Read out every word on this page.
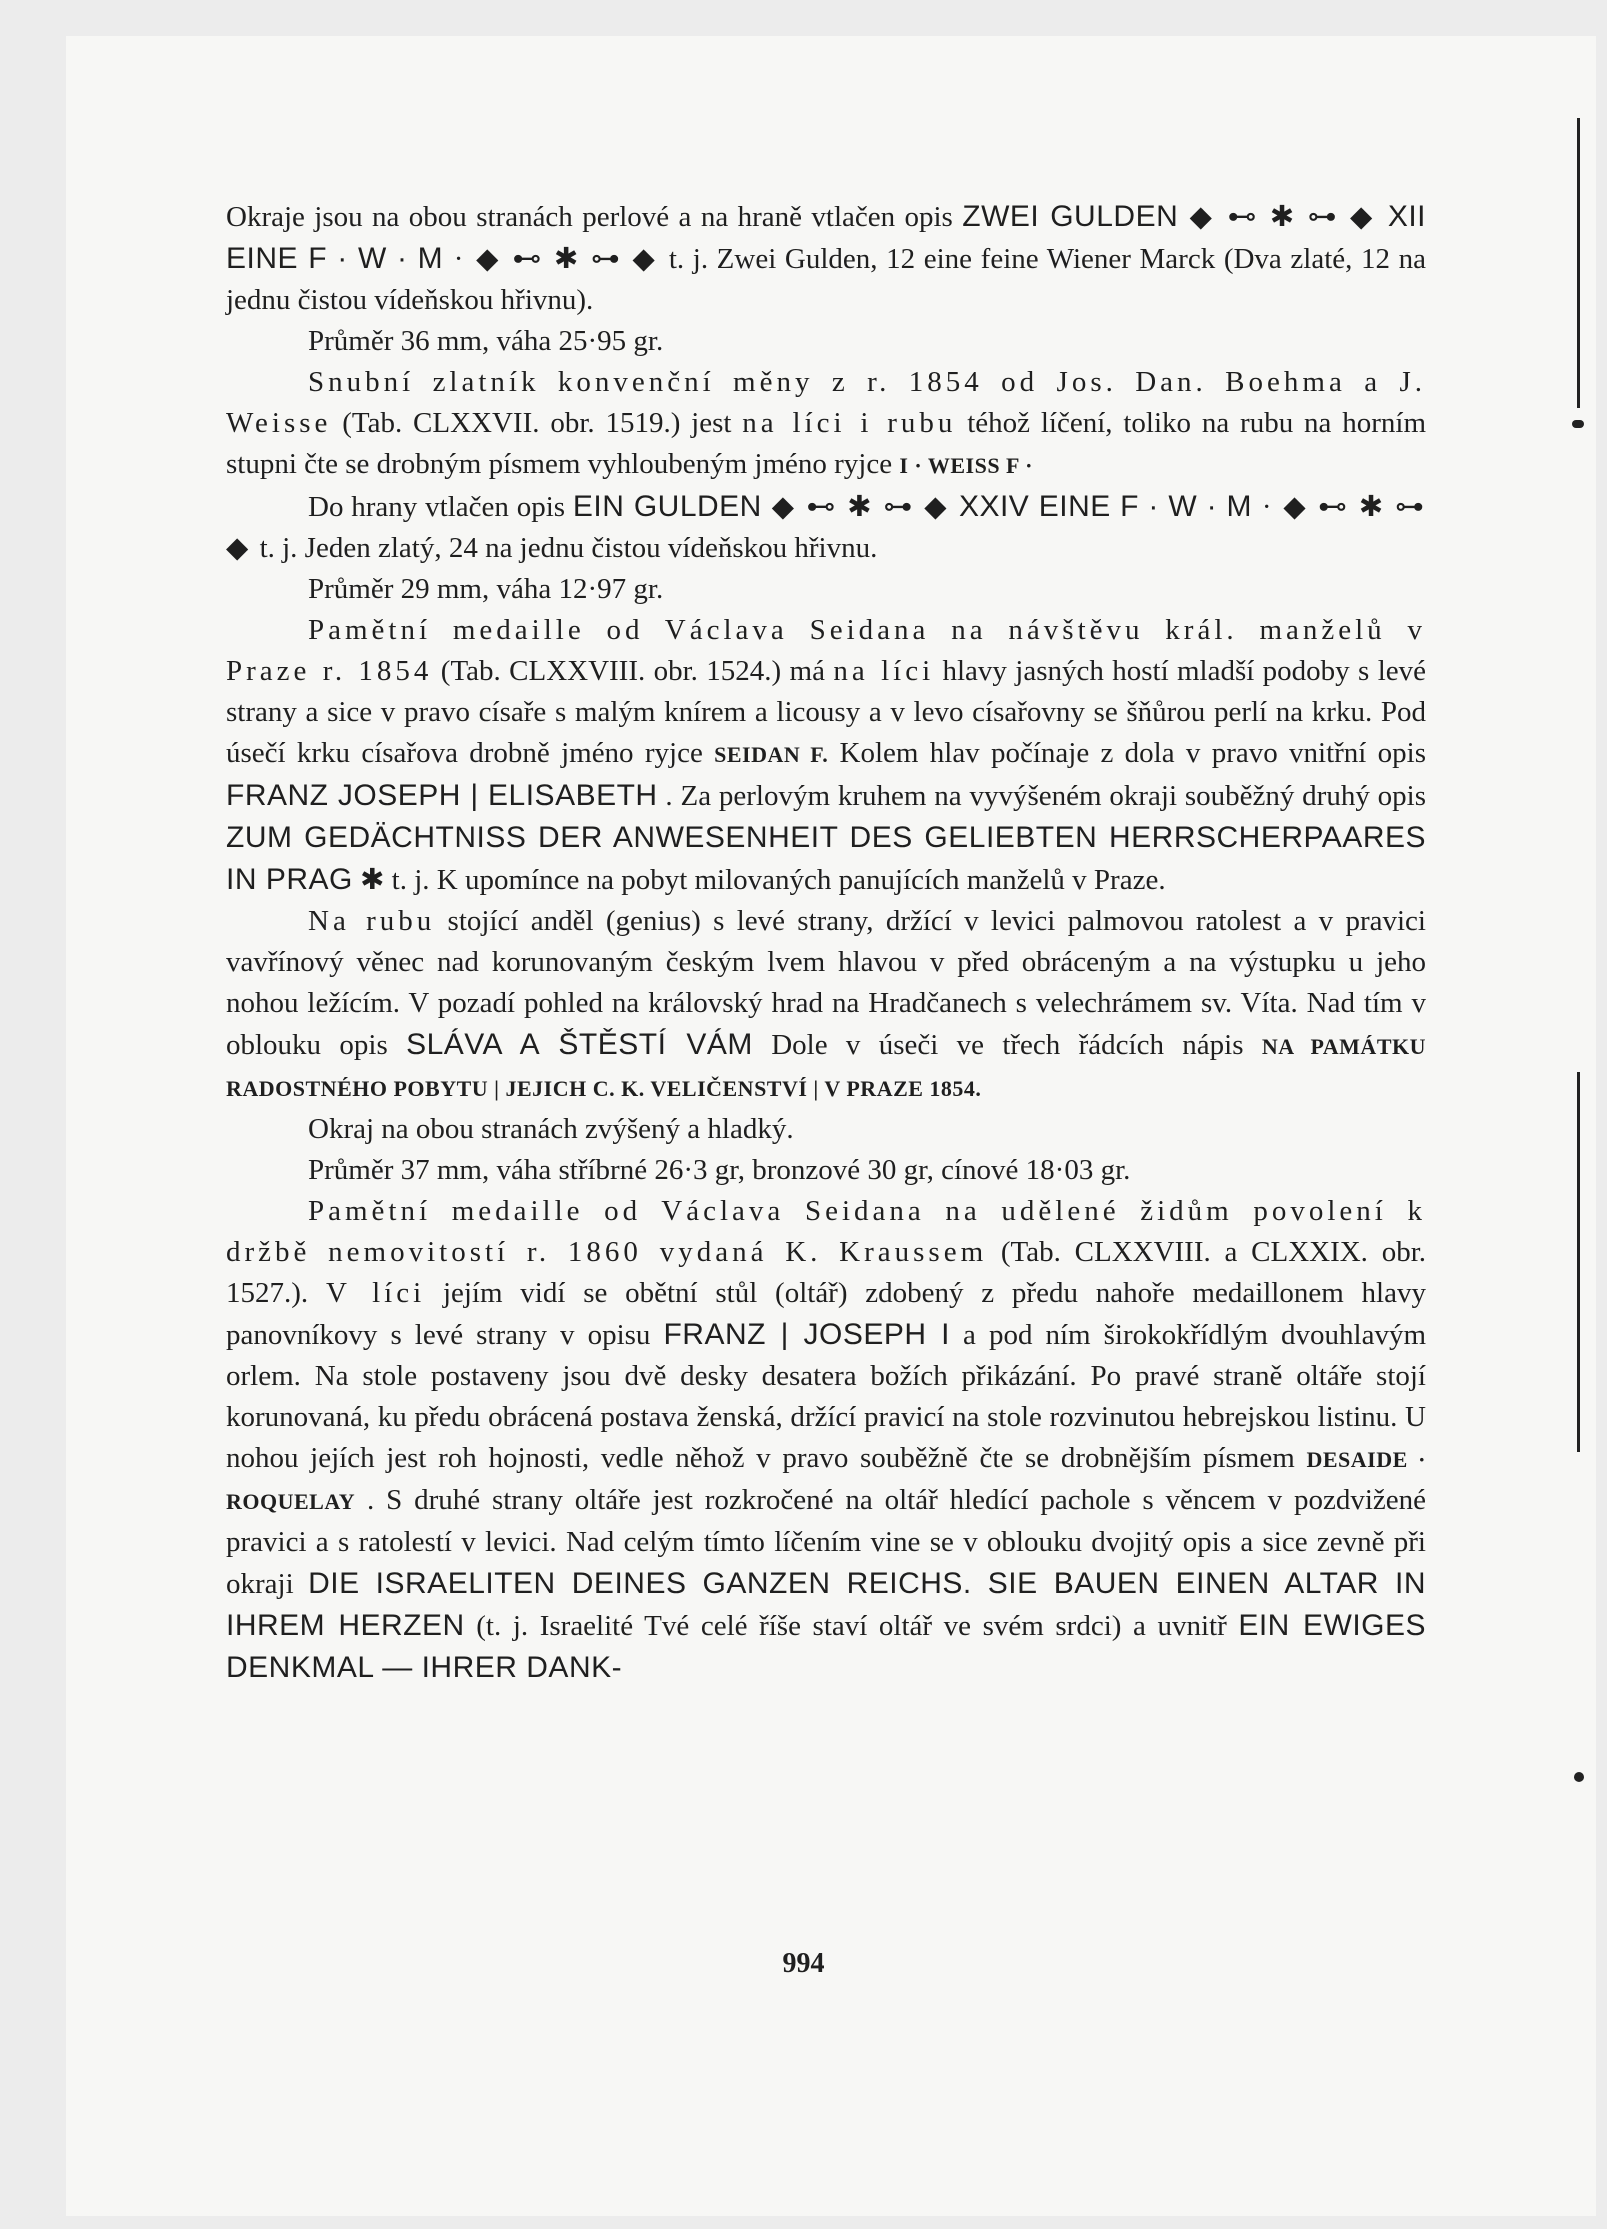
Okraje jsou na obou stranách perlové a na hraně vtlačen opis ZWEI GULDEN ◆ ⊷ ✱ ⊶ ◆ XII EINE F · W · M · ◆ ⊷ ✱ ⊶ ◆ t. j. Zwei Gulden, 12 eine feine Wiener Marck (Dva zlaté, 12 na jednu čistou vídeňskou hřivnu).

Průměr 36 mm, váha 25·95 gr.

Snubní zlatník konvenční měny z r. 1854 od Jos. Dan. Boehma a J. Weisse (Tab. CLXXVII. obr. 1519.) jest na líci i rubu téhož líčení, toliko na rubu na horním stupni čte se drobným písmem vyhloubeným jméno ryjce I · WEISS F ·

Do hrany vtlačen opis EIN GULDEN ◆ ⊷ ✱ ⊶ ◆ XXIV EINE F · W · M · ◆ ⊷ ✱ ⊶ ◆ t. j. Jeden zlatý, 24 na jednu čistou vídeňskou hřivnu.

Průměr 29 mm, váha 12·97 gr.

Pamětní medaille od Václava Seidana na návštěvu král. manželů v Praze r. 1854 (Tab. CLXXVIII. obr. 1524.) má na líci hlavy jasných hostí mladší podoby s levé strany a sice v pravo císaře s malým knírem a licousy a v levo císařovny se šňůrou perlí na krku. Pod úsečí krku císařova drobně jméno ryjce SEIDAN F. Kolem hlav počínaje z dola v pravo vnitřní opis FRANZ JOSEPH | ELISABETH . Za perlovým kruhem na vyvýšeném okraji souběžný druhý opis ZUM GEDÄCHTNISS DER ANWESENHEIT DES GELIEBTEN HERRSCHERPAARES IN PRAG ✱ t. j. K upomínce na pobyt milovaných panujících manželů v Praze.

Na rubu stojící anděl (genius) s levé strany, držící v levici palmovou ratolest a v pravici vavřínový věnec nad korunovaným českým lvem hlavou v před obráceným a na výstupku u jeho nohou ležícím. V pozadí pohled na královský hrad na Hradčanech s velechrámem sv. Víta. Nad tím v oblouku opis SLÁVA A ŠTĚSTÍ VÁM Dole v úseči ve třech řádcích nápis NA PAMÁTKU RADOSTNÉHO POBYTU | JEJICH C. K. VELIČENSTVÍ | V PRAZE 1854.

Okraj na obou stranách zvýšený a hladký.

Průměr 37 mm, váha stříbrné 26·3 gr, bronzové 30 gr, cínové 18·03 gr.

Pamětní medaille od Václava Seidana na udělené židům povolení k držbě nemovitostí r. 1860 vydaná K. Kraussem (Tab. CLXXVIII. a CLXXIX. obr. 1527.). V líci jejím vidí se obětní stůl (oltář) zdobený z předu nahoře medaillonem hlavy panovníkovy s levé strany v opisu FRANZ | JOSEPH I a pod ním širokokřídlým dvouhlavým orlem. Na stole postaveny jsou dvě desky desatera božích přikázání. Po pravé straně oltáře stojí korunovaná, ku předu obrácená postava ženská, držící pravicí na stole rozvinutou hebrejskou listinu. U nohou jejích jest roh hojnosti, vedle něhož v pravo souběžně čte se drobnějším písmem DESAIDE · ROQUELAY . S druhé strany oltáře jest rozkročené na oltář hledící pachole s věncem v pozdvižené pravici a s ratolestí v levici. Nad celým tímto líčením vine se v oblouku dvojitý opis a sice zevně při okraji DIE ISRAELITEN DEINES GANZEN REICHS. SIE BAUEN EINEN ALTAR IN IHREM HERZEN (t. j. Israelité Tvé celé říše staví oltář ve svém srdci) a uvnitř EIN EWIGES DENKMAL — IHRER DANK-

994
